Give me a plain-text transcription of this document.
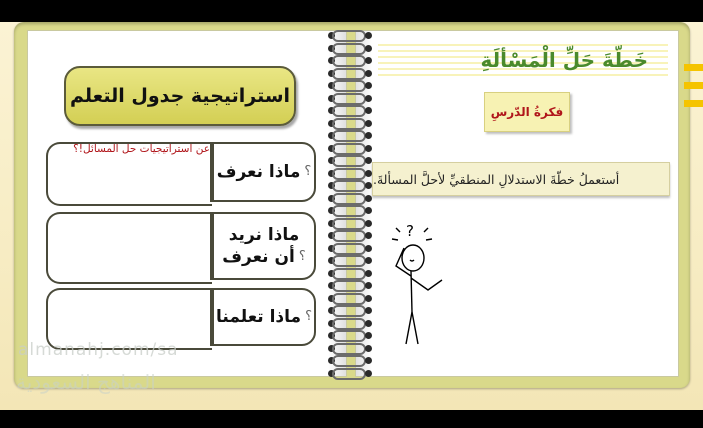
استراتيجية جدول التعلم
ماذا نعرف ؟
عن استراتيجيات حل المسائل!؟
ماذا نريد
أن نعرف ؟
ماذا تعلمنا ؟
خَطّةَ حَلِّ الْمَسْألَةِ
فكرةُ الدّرسِ
أستعملُ خطّةَ الاستدلالِ المنطقيِّ لأحلَّ المسألةَ.
?
almanahj.com/sa
المناهج السعودية
